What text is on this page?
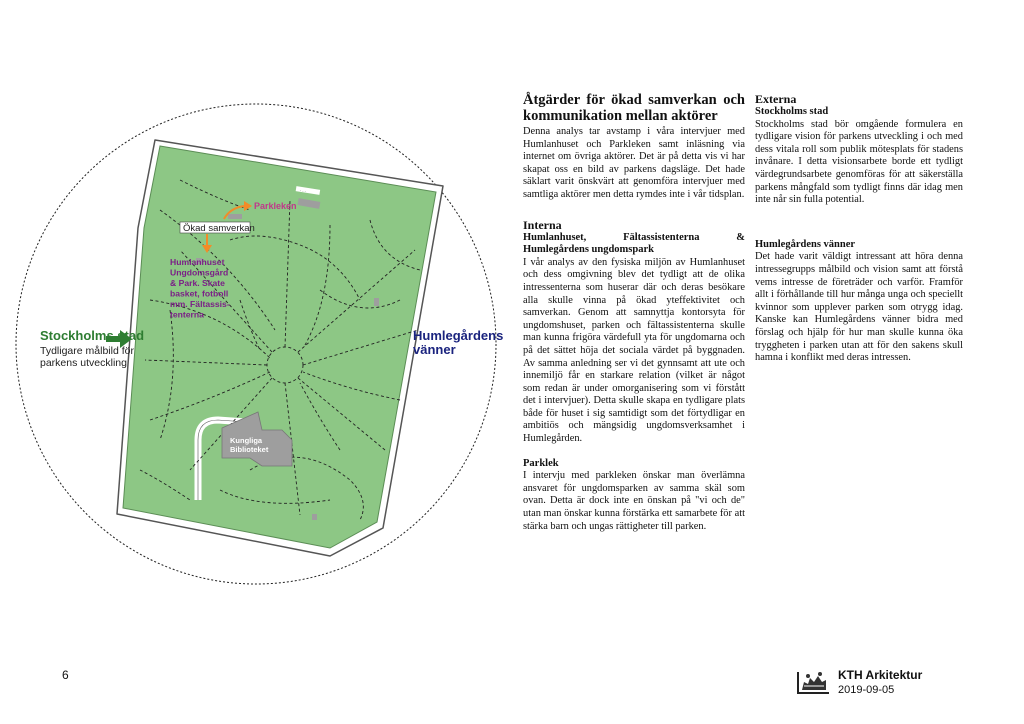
- - -
Ökad samverkan
Parkleken
Humlanhuset
Ungdomsgård
& Park. Skate
basket, fotboll
mm. Fältassis-
tenterna
Kungliga
Biblioteket
Stockholms stad
Tydligare målbild för parkens utveckling
Humlegårdens vänner
Åtgärder för ökad samverkan och kommunikation mellan aktörer

Denna analys tar avstamp i våra intervjuer med Humlanhuset och Parkleken samt inläsning via internet om övriga aktörer. Det är på detta vis vi har skapat oss en bild av parkens dagsläge. Det hade säklart varit önskvärt att genomföra intervjuer med samtliga aktörer men detta rymdes inte i vår tidsplan.

Interna
Humlanhuset, Fältassistenterna & Humlegårdens ungdomspark

I vår analys av den fysiska miljön av Humlanhuset och dess omgivning blev det tydligt att de olika intressenterna som huserar där och deras besökare alla skulle vinna på ökad yteffektivitet och samverkan. Genom att samnyttja kontorsyta för ungdomshuset, parken och fältassistenterna skulle man kunna frigöra värdefull yta för ungdomarna och på det sättet höja det sociala värdet på byggnaden. Av samma anledning ser vi det gynnsamt att ute och innemiljö får en starkare relation (vilket är något som redan är under omorganisering som vi förstått det i intervjuer). Detta skulle skapa en tydligare plats både för huset i sig samtidigt som det förtydligar en ambitiös och mängsidig ungdomsverksamhet i Humlegården.

Parklek

I intervju med parkleken önskar man överlämna ansvaret för ungdomsparken av samma skäl som ovan. Detta är dock inte en önskan på "vi och de" utan man önskar kunna förstärka ett samarbete för att stärka barn och ungas rättigheter till parken.

Externa
Stockholms stad

Stockholms stad bör omgående formulera en tydligare vision för parkens utveckling i och med dess vitala roll som publik mötesplats för stadens invånare. I detta visionsarbete borde ett tydligt värdegrundsarbete genomföras för att säkerställa parkens mångfald som tydligt finns där idag men inte når sin fulla potential.

Humlegårdens vänner

Det hade varit väldigt intressant att höra denna intressegrupps målbild och vision samt att förstå vems intresse de företräder och varför. Framför allt i förhållande till hur många unga och speciellt kvinnor som upplever parken som otrygg idag. Kanske kan Humlegårdens vänner bidra med förslag och hjälp för hur man skulle kunna öka tryggheten i parken utan att för den sakens skull hamna i konflikt med deras intressen.

6	KTH Arkitektur
2019-09-05
